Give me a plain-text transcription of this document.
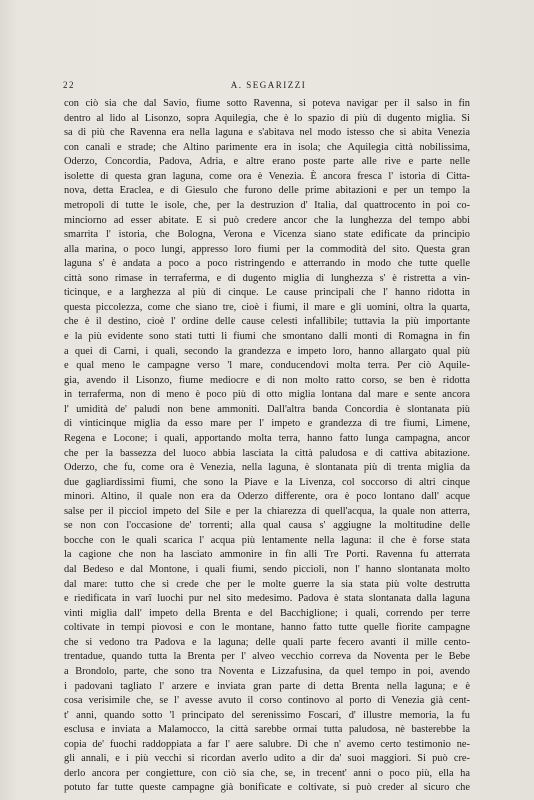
22	A. SEGARIZZI
con ciò sia che dal Savio, fiume sotto Ravenna, si poteva navigar per il salso in fin
dentro al lido al Lisonzo, sopra Aquilegia, che è lo spazio di più di dugento miglia. Si
sa di più che Ravenna era nella laguna e s'abitava nel modo istesso che si abita Venezia
con canali e strade; che Altino parimente era in isola; che Aquilegia città nobilissima,
Oderzo, Concordia, Padova, Adria, e altre erano poste parte alle rive e parte nelle
isolette di questa gran laguna, come ora è Venezia. È ancora fresca l' istoria di Citta-
nova, detta Eraclea, e di Giesulo che furono delle prime abitazioni e per un tempo la
metropoli di tutte le isole, che, per la destruzion d' Italia, dal quattrocento in poi co-
minciorno ad esser abitate. E si può credere ancor che la lunghezza del tempo abbi
smarrita l' istoria, che Bologna, Verona e Vicenza siano state edificate da principio
alla marina, o poco lungi, appresso loro fiumi per la commodità del sito. Questa gran
laguna s' è andata a poco a poco ristringendo e atterrando in modo che tutte quelle
città sono rimase in terraferma, e di dugento miglia di lunghezza s' è ristretta a vin-
ticinque, e a larghezza al più di cinque. Le cause principali che l' hanno ridotta in
questa piccolezza, come che siano tre, cioè i fiumi, il mare e gli uomini, oltra la quarta,
che è il destino, cioè l' ordine delle cause celesti infallibile; tuttavia la più importante
e la più evidente sono stati tutti li fiumi che smontano dalli monti di Romagna in fin
a quei di Carni, i quali, secondo la grandezza e impeto loro, hanno allargato qual più
e qual meno le campagne verso 'l mare, conducendovi molta terra. Per ciò Aquile-
gia, avendo il Lisonzo, fiume mediocre e di non molto ratto corso, se ben è ridotta
in terraferma, non di meno è poco più di otto miglia lontana dal mare e sente ancora
l' umidità de' paludi non bene ammoniti. Dall'altra banda Concordia è slontanata più
di vinticinque miglia da esso mare per l' impeto e grandezza di tre fiumi, Limene,
Regena e Locone; i quali, apportando molta terra, hanno fatto lunga campagna, ancor
che per la bassezza del luoco abbia lasciata la città paludosa e di cattiva abitazione.
Oderzo, che fu, come ora è Venezia, nella laguna, è slontanata più di trenta miglia da
due gagliardissimi fiumi, che sono la Piave e la Livenza, col soccorso di altri cinque
minori. Altino, il quale non era da Oderzo differente, ora è poco lontano dall' acque
salse per il picciol impeto del Sile e per la chiarezza di quell'acqua, la quale non atterra,
se non con l'occasione de' torrenti; alla qual causa s' aggiugne la moltitudine delle
bocche con le quali scarica l' acqua più lentamente nella laguna: il che è forse stata
la cagione che non ha lasciato ammonire in fin alli Tre Porti. Ravenna fu atterrata
dal Bedeso e dal Montone, i quali fiumi, sendo piccioli, non l' hanno slontanata molto
dal mare: tutto che si crede che per le molte guerre la sia stata più volte destrutta
e riedificata in varî luochi pur nel sito medesimo. Padova è stata slontanata dalla laguna
vinti miglia dall' impeto della Brenta e del Bacchiglione; i quali, correndo per terre
coltivate in tempi piovosi e con le montane, hanno fatto tutte quelle fiorite campagne
che si vedono tra Padova e la laguna; delle quali parte fecero avanti il mille cento-
trentadue, quando tutta la Brenta per l' alveo vecchio correva da Noventa per le Bebe
a Brondolo, parte, che sono tra Noventa e Lizzafusina, da quel tempo in poi, avendo
i padovani tagliato l' arzere e inviata gran parte di detta Brenta nella laguna; e è
cosa verisimile che, se l' avesse avuto il corso continovo al porto di Venezia già cent-
t' anni, quando sotto 'l principato del serenissimo Foscari, d' illustre memoria, la fu
esclusa e inviata a Malamocco, la città sarebbe ormai tutta paludosa, nè basterebbe la
copia de' fuochi raddoppiata a far l' aere salubre. Di che n' avemo certo testimonio ne-
gli annali, e i più vecchi si ricordan averlo udito a dir da' suoi maggiori. Si può cre-
derlo ancora per congietture, con ciò sia che, se, in trecent' anni o poco più, ella ha
potuto far tutte queste campagne già bonificate e coltivate, si può creder al sicuro che
